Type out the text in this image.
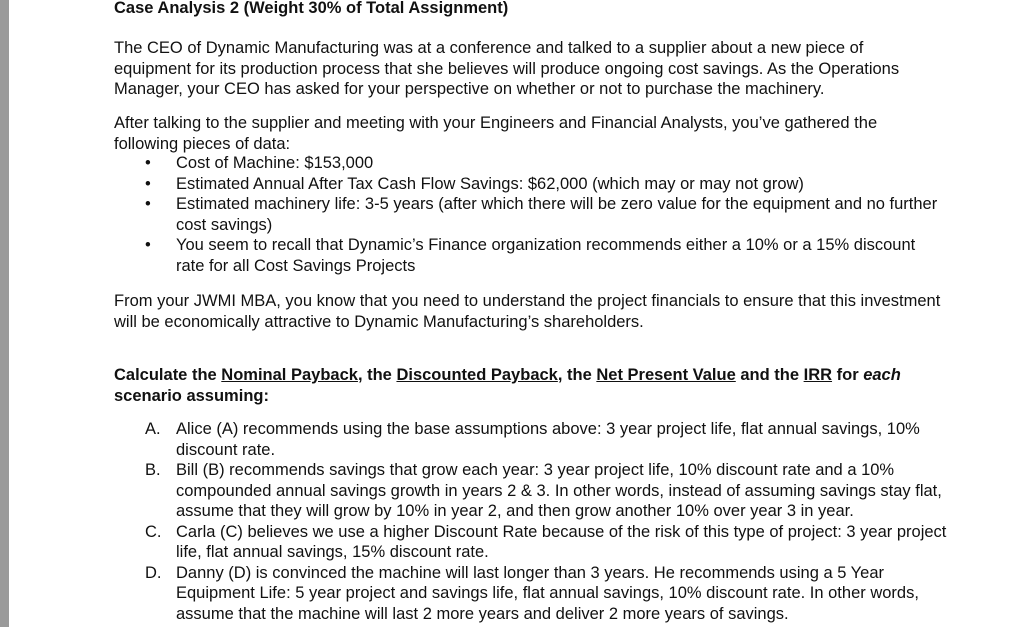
Case Analysis 2 (Weight 30% of Total Assignment)

The CEO of Dynamic Manufacturing was at a conference and talked to a supplier about a new piece of equipment for its production process that she believes will produce ongoing cost savings. As the Operations Manager, your CEO has asked for your perspective on whether or not to purchase the machinery.

After talking to the supplier and meeting with your Engineers and Financial Analysts, you’ve gathered the following pieces of data:

• Cost of Machine: $153,000
• Estimated Annual After Tax Cash Flow Savings: $62,000 (which may or may not grow)
• Estimated machinery life: 3-5 years (after which there will be zero value for the equipment and no further cost savings)
• You seem to recall that Dynamic’s Finance organization recommends either a 10% or a 15% discount rate for all Cost Savings Projects

From your JWMI MBA, you know that you need to understand the project financials to ensure that this investment will be economically attractive to Dynamic Manufacturing’s shareholders.

Calculate the Nominal Payback, the Discounted Payback, the Net Present Value and the IRR for each scenario assuming:

A. Alice (A) recommends using the base assumptions above: 3 year project life, flat annual savings, 10% discount rate.
B. Bill (B) recommends savings that grow each year: 3 year project life, 10% discount rate and a 10% compounded annual savings growth in years 2 & 3. In other words, instead of assuming savings stay flat, assume that they will grow by 10% in year 2, and then grow another 10% over year 3 in year.
C. Carla (C) believes we use a higher Discount Rate because of the risk of this type of project: 3 year project life, flat annual savings, 15% discount rate.
D. Danny (D) is convinced the machine will last longer than 3 years. He recommends using a 5 Year Equipment Life: 5 year project and savings life, flat annual savings, 10% discount rate. In other words, assume that the machine will last 2 more years and deliver 2 more years of savings.
